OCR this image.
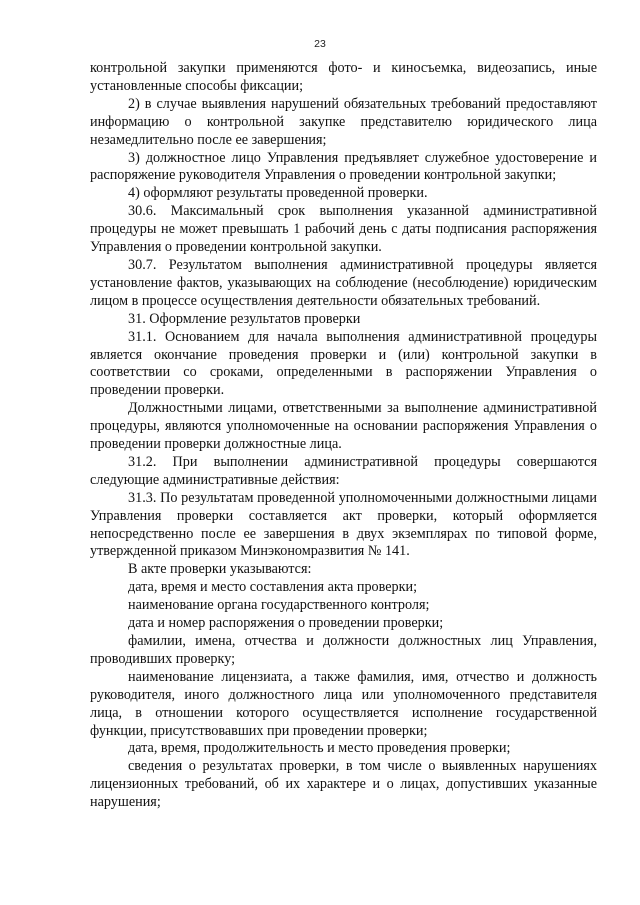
23

контрольной закупки применяются фото- и киносъемка, видеозапись, иные установленные способы фиксации;

2) в случае выявления нарушений обязательных требований предоставляют информацию о контрольной закупке представителю юридического лица незамедлительно после ее завершения;

3) должностное лицо Управления предъявляет служебное удостоверение и распоряжение руководителя Управления о проведении контрольной закупки;

4) оформляют результаты проведенной проверки.

30.6. Максимальный срок выполнения указанной административной процедуры не может превышать 1 рабочий день с даты подписания распоряжения Управления о проведении контрольной закупки.

30.7. Результатом выполнения административной процедуры является установление фактов, указывающих на соблюдение (несоблюдение) юридическим лицом в процессе осуществления деятельности обязательных требований.

31. Оформление результатов проверки

31.1. Основанием для начала выполнения административной процедуры является окончание проведения проверки и (или) контрольной закупки в соответствии со сроками, определенными в распоряжении Управления о проведении проверки.

Должностными лицами, ответственными за выполнение административной процедуры, являются уполномоченные на основании распоряжения Управления о проведении проверки должностные лица.

31.2. При выполнении административной процедуры совершаются следующие административные действия:

31.3. По результатам проведенной уполномоченными должностными лицами Управления проверки составляется акт проверки, который оформляется непосредственно после ее завершения в двух экземплярах по типовой форме, утвержденной приказом Минэкономразвития № 141.

В акте проверки указываются:

дата, время и место составления акта проверки;

наименование органа государственного контроля;

дата и номер распоряжения о проведении проверки;

фамилии, имена, отчества и должности должностных лиц Управления, проводивших проверку;

наименование лицензиата, а также фамилия, имя, отчество и должность руководителя, иного должностного лица или уполномоченного представителя лица, в отношении которого осуществляется исполнение государственной функции, присутствовавших при проведении проверки;

дата, время, продолжительность и место проведения проверки;

сведения о результатах проверки, в том числе о выявленных нарушениях лицензионных требований, об их характере и о лицах, допустивших указанные нарушения;
